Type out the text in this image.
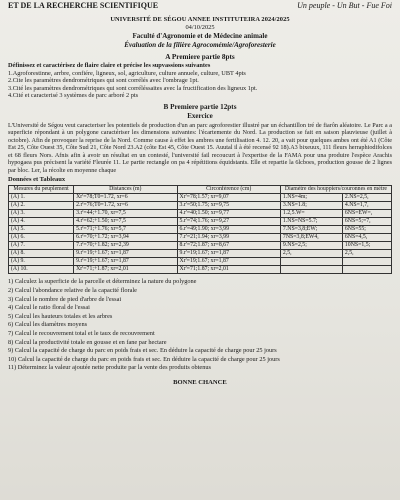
ET DE LA RECHERCHE SCIENTIFIQUE	Un peuple - Un But - Fue Foi
UNIVERSITÉ DE SÉGOU ANNEE INSTITUTEIRA 2024/2025
04/10/2025
Faculté d'Agronomie et de Médecine animale
Évaluation de la filière Agrocomémie/Agroforesterie
A Premiere partie 8pts

Définissez et caractérisez de flaire claire et précise les supvassions suivantes

1.Agroforestinne, arrbre, confiére, ligneux, sol, agriculture, culture annuele, culture, UBT 4pts
2.Cite les paramètres dendrométriques qui sont corrélés avec l'ombrage 1pt.
3.Cité les paramètres dendrométriques qui sont corréléssaites avec la fructification des ligneux 1pt.
4.Cité et caracterisé 3 systèmes de parc arboré 2 pts
B Premiere partie 12pts
Exercice

L'Université de Ségou veut caracteriser les potentiels de production d'un an parc agroforestier illustré par un échantillon tré de fiarôn aléatoire. Le Parc a a superficie répondant à un polygone caractériser les dimensions suivantes: l'écartemente du Nord. La production se fait en saison plauvieuse (juillet à octobre). Afin de provoquer la reprise de la Nord. Comme cause à effet les ambres une fertilisation 4. 12. 20, a vait pour quelques ambes ont été A1 (Côte Est 25, Côte Ouest 35, Côte Sud 21, Côte Nord 23.A2 (côte Est 45, Côte Ouest 15. Auutal il à été recensé 92 18).A3 bixeuux, 111 fleurs herraphiodifolces et 68 fleurs Nors. Afnis afin à avoir un résultat en un contesté, l'université fail recoucurt à l'expertise de la FAMA pour una produire l'espèce Arachis hypogaea pus précisent la variété Fleurée 11. Le partie rectangle on pa 4 répétitions équidstants. Elle et repartie la 6lcboes, production gousse de 2 lignes par bloc. Ler, la récolte en moyenne chaque

Données et Tableaux
Mesures du peuplement	Distances (m)	Circonférence (cm)	Diamètre des houppiers/couronnes en mètre	
(A) 1.	Xr'=78;T0=1.72, xr=6	Xr'=78;1.57; xr=9,07	1.NS=4m;	2.NS=2,5,
(A) 2.	2.r'=76;T0=1.72, xr=6	3.r'=50;1.75; xr=9,75	3.NS=1.8;	4.NS=1,7,
(A) 3.	3.r'=44;+1.70, xr=7,5	4.r'=40;1.50; xr=9,77	1.2,5.W=	6NS=EW=,
(A) 4.	4.r'=62;+1.50; xr=7,5	5.r'=74;1.76; xr=9,27	1.NS=NS=5.7;	6NS=5;=7,
(A) 5.	5.r'=71;+1.76; xr=5,7	6.r'=49;1.90; xr=3,99	7.NS=3,8;EW;	6NS=55;
(A) 6.	6.r'=70;+1.72; xr=3,94	7.r'=21;1.94; xr=3,99	7NS=3,8;EW4,	6NS=4,5,
(A) 7.	7.r'=70;+1.82; xr=2,39	8.r'=72;1.87; xr=8,67	9.NS=2,5;	10NS=1,5;
(A) 8.	9.r'=19;+1.67; xr=1,87	9.r'=19;1.67; xr=1,87	2,5,	2,5,
(A) 9.	9.r'=19;+1.67; xr=1,87	Xr'=19;1.67; xr=1,87		
(A) 10.	Xr'=71;+1.87; xr=2,01	Xr'=71;1.87; xr=2,01		
1) Calculez la superficie de la parcelle et déterminez la nature du polygone
2) Calcul l'abondance relative de la capacité florale
3) Calcul le nombre de pied d'arbre de l'essai
4) Calcul le ratio floral de l'essai
5) Calcul les hauteurs totales et les arbres
6) Calcul les diamètres moyens
7) Calcul le recouvrement total et le taux de recouvrement
8) Calcul la productivité totale en gousse et en fane par hectare
9) Calcul la capacité de charge du parc en poids frais et sec. En déduire la capacité de charge pour 25 jours
10) Calcul la capacité de charge du parc en poids frais et sec. En déduire la capacité de charge pour 25 jours
11) Déterminez la valeur ajoutée nette produite par la vente des produits obtenus
BONNE CHANCE
